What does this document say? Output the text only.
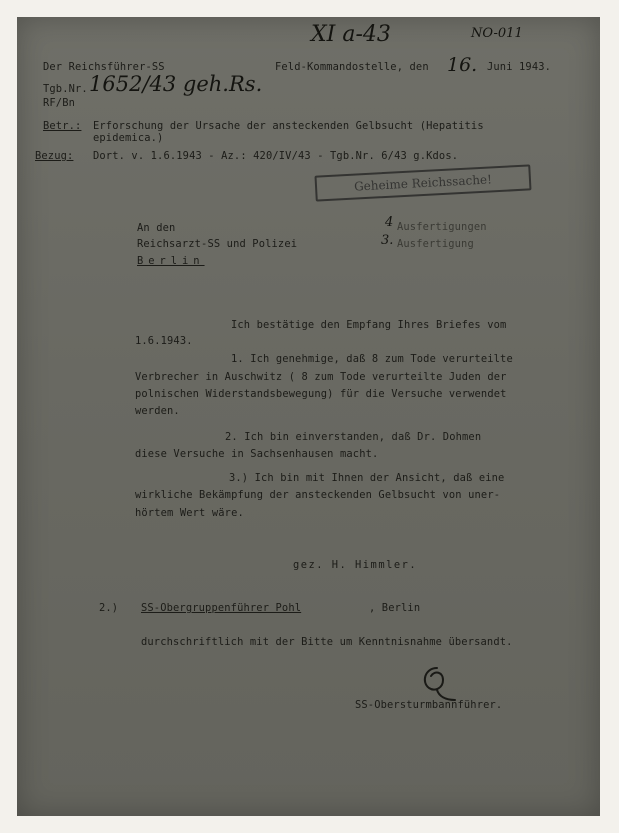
XI a-43	NO-011
Der Reichsführer-SS	Feld-Kommandostelle, den 16. Juni 1943.
Tgb.Nr. 1652/43 geh.Rs.
RF/Bn
Betr.: Erforschung der Ursache der ansteckenden Gelbsucht (Hepatitis
epidemica.)
Bezug: Dort. v. 1.6.1943 - Az.: 420/IV/43 - Tgb.Nr. 6/43 g.Kdos.
Geheime Reichssache!
An den
Reichsarzt-SS und Polizei
Berlin
4 Ausfertigungen
3. Ausfertigung
Ich bestätige den Empfang Ihres Briefes vom
1.6.1943.
1. Ich genehmige, daß 8 zum Tode verurteilte
Verbrecher in Auschwitz ( 8 zum Tode verurteilte Juden der
polnischen Widerstandsbewegung) für die Versuche verwendet
werden.
2. Ich bin einverstanden, daß Dr. Dohmen
diese Versuche in Sachsenhausen macht.
3.) Ich bin mit Ihnen der Ansicht, daß eine
wirkliche Bekämpfung der ansteckenden Gelbsucht von uner-
hörtem Wert wäre.
gez. H. Himmler.
2.) SS-Obergruppenführer Pohl	, Berlin
durchschriftlich mit der Bitte um Kenntnisnahme übersandt.
SS-Obersturmbannführer.
